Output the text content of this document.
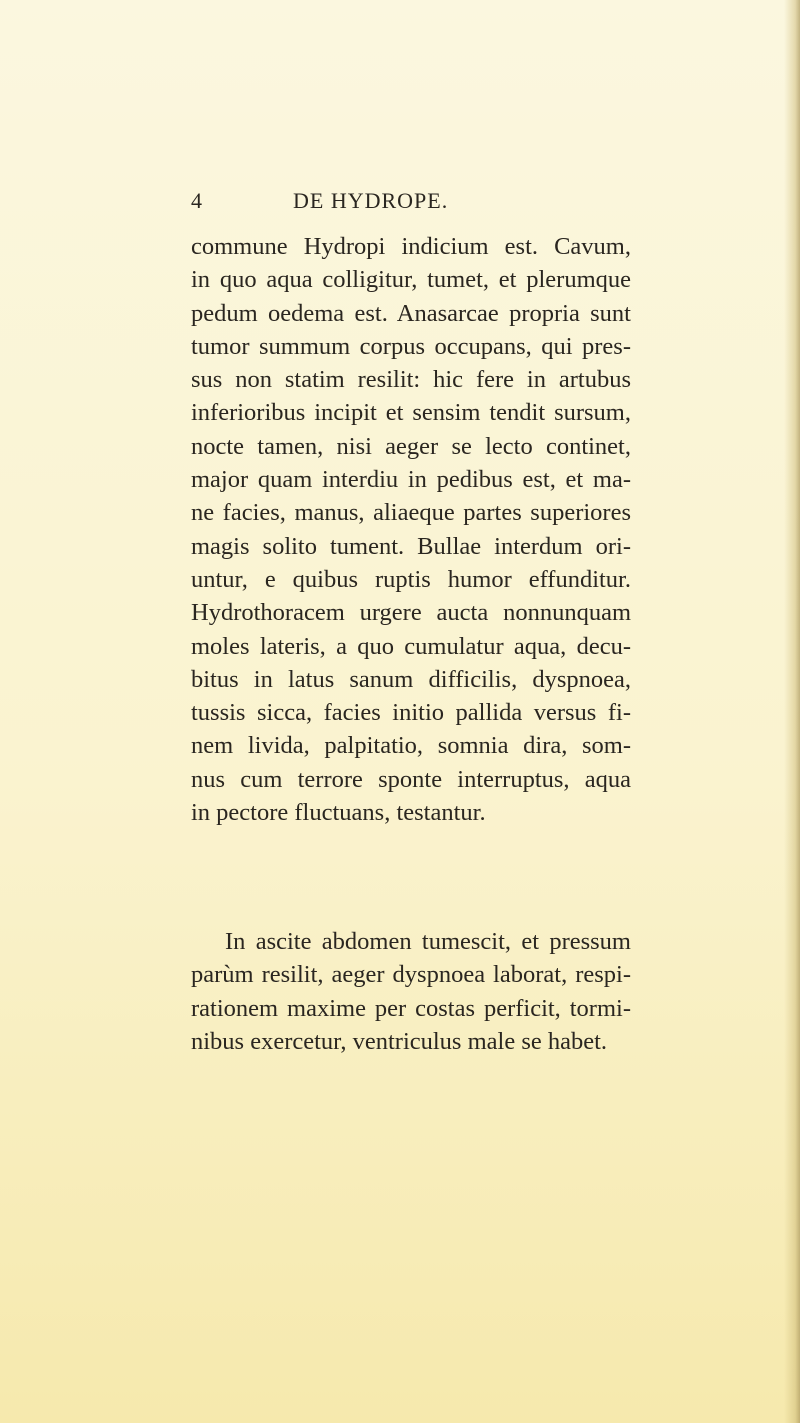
4	DE HYDROPE.
commune Hydropi indicium est. Cavum,
in quo aqua colligitur, tumet, et plerumque
pedum oedema est. Anasarcae propria sunt
tumor summum corpus occupans, qui pres-
sus non statim resilit: hic fere in artubus
inferioribus incipit et sensim tendit sursum,
nocte tamen, nisi aeger se lecto continet,
major quam interdiu in pedibus est, et ma-
ne facies, manus, aliaeque partes superiores
magis solito tument. Bullae interdum ori-
untur, e quibus ruptis humor effunditur.
Hydrothoracem urgere aucta nonnunquam
moles lateris, a quo cumulatur aqua, decu-
bitus in latus sanum difficilis, dyspnoea,
tussis sicca, facies initio pallida versus fi-
nem livida, palpitatio, somnia dira, som-
nus cum terrore sponte interruptus, aqua
in pectore fluctuans, testantur.
In ascite abdomen tumescit, et pressum
parùm resilit, aeger dyspnoea laborat, respi-
rationem maxime per costas perficit, tormi-
nibus exercetur, ventriculus male se habet.
